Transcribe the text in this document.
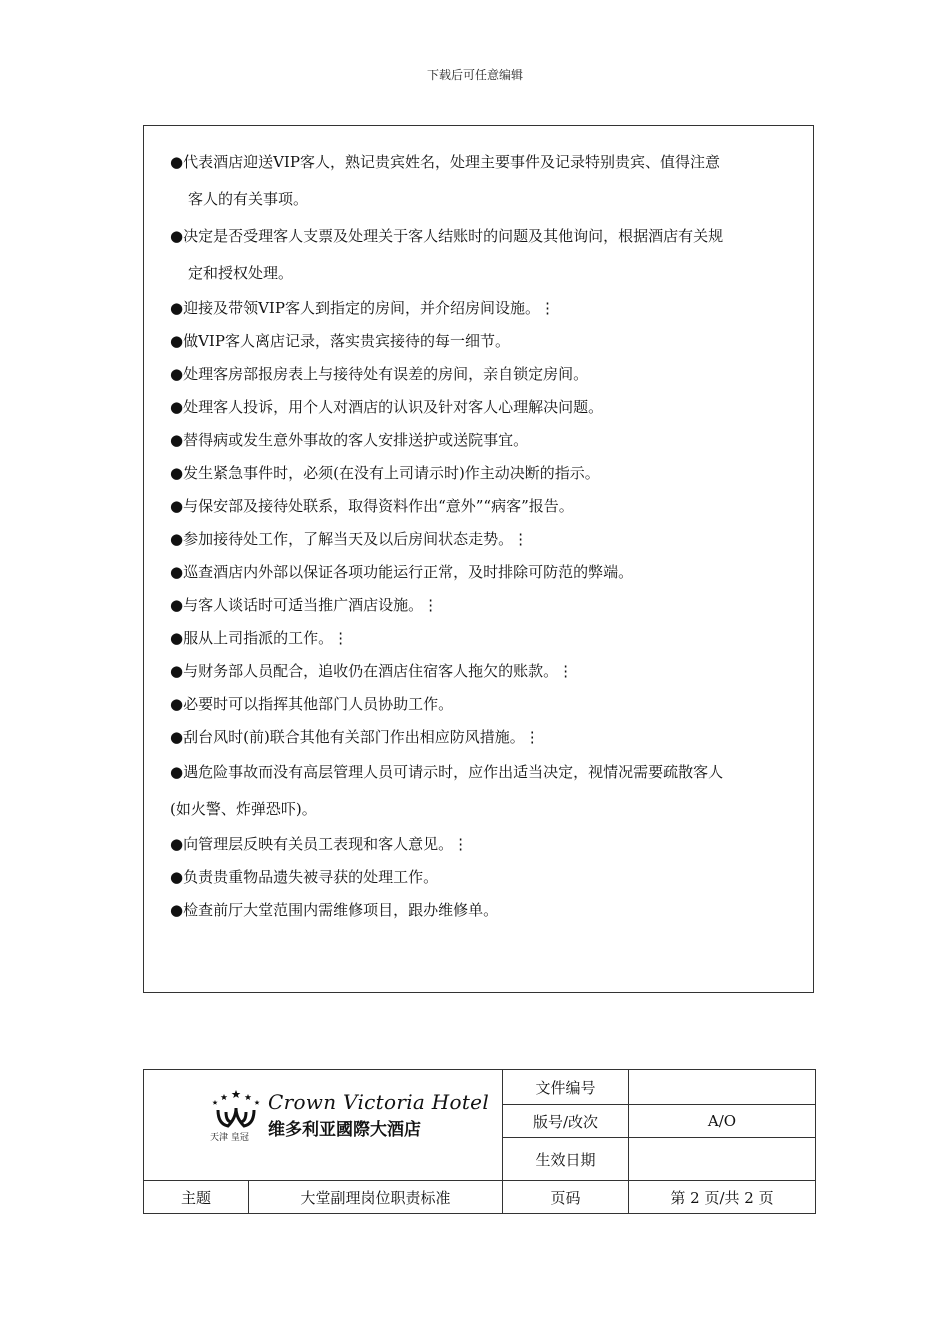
下载后可任意编辑
●代表酒店迎送VIP客人，熟记贵宾姓名，处理主要事件及记录特别贵宾、值得注意
客人的有关事项。
●决定是否受理客人支票及处理关于客人结账时的问题及其他询问，根据酒店有关规
定和授权处理。
●迎接及带领VIP客人到指定的房间，并介绍房间设施。⋮
●做VIP客人离店记录，落实贵宾接待的每一细节。
●处理客房部报房表上与接待处有误差的房间，亲自锁定房间。
●处理客人投诉，用个人对酒店的认识及针对客人心理解决问题。
●替得病或发生意外事故的客人安排送护或送院事宜。
●发生紧急事件时，必须(在没有上司请示时)作主动决断的指示。
●与保安部及接待处联系，取得资料作出“意外”“病客”报告。
●参加接待处工作，了解当天及以后房间状态走势。⋮
●巡查酒店内外部以保证各项功能运行正常，及时排除可防范的弊端。
●与客人谈话时可适当推广酒店设施。⋮
●服从上司指派的工作。⋮
●与财务部人员配合，追收仍在酒店住宿客人拖欠的账款。⋮
●必要时可以指挥其他部门人员协助工作。
●刮台风时(前)联合其他有关部门作出相应防风措施。⋮
●遇危险事故而没有高层管理人员可请示时，应作出适当决定，视情况需要疏散客人
(如火警、炸弹恐吓)。
●向管理层反映有关员工表现和客人意见。⋮
●负责贵重物品遗失被寻获的处理工作。
●检查前厅大堂范围内需维修项目，跟办维修单。
天津 皇冠
Crown Victoria Hotel
维多利亚國際大酒店		文件编号	
		版号/改次	A/O
		生效日期	
主题	大堂副理岗位职责标准	页码	第 2 页/共 2 页
